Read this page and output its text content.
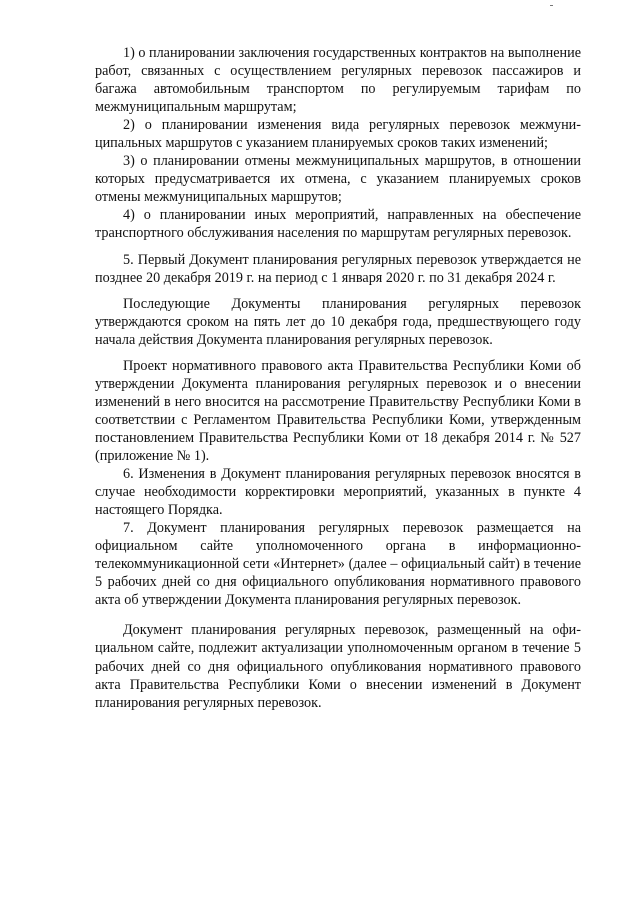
1) о планировании заключения государственных контрактов на выполнение работ, связанных с осуществлением регулярных перевозок пассажиров и багажа автомобильным транспортом по регулируемым тарифам по межмуниципальным маршрутам;

2) о планировании изменения вида регулярных перевозок межмуниципальных маршрутов с указанием планируемых сроков таких изменений;

3) о планировании отмены межмуниципальных маршрутов, в отношении которых предусматривается их отмена, с указанием планируемых сроков отмены межмуниципальных маршрутов;

4) о планировании иных мероприятий, направленных на обеспечение транспортного обслуживания населения по маршрутам регулярных перевозок.

5. Первый Документ планирования регулярных перевозок утверждается не позднее 20 декабря 2019 г. на период с 1 января 2020 г. по 31 декабря 2024 г.

Последующие Документы планирования регулярных перевозок утверждаются сроком на пять лет до 10 декабря года, предшествующего году начала действия Документа планирования регулярных перевозок.

Проект нормативного правового акта Правительства Республики Коми об утверждении Документа планирования регулярных перевозок и о внесении изменений в него вносится на рассмотрение Правительству Республики Коми в соответствии с Регламентом Правительства Республики Коми, утвержденным постановлением Правительства Республики Коми от 18 декабря 2014 г. № 527 (приложение № 1).

6. Изменения в Документ планирования регулярных перевозок вносятся в случае необходимости корректировки мероприятий, указанных в пункте 4 настоящего Порядка.

7. Документ планирования регулярных перевозок размещается на официальном сайте уполномоченного органа в информационно-телекоммуникационной сети «Интернет» (далее – официальный сайт) в течение 5 рабочих дней со дня официального опубликования нормативного правового акта об утверждении Документа планирования регулярных перевозок.

Документ планирования регулярных перевозок, размещенный на официальном сайте, подлежит актуализации уполномоченным органом в течение 5 рабочих дней со дня официального опубликования нормативного правового акта Правительства Республики Коми о внесении изменений в Документ планирования регулярных перевозок.
